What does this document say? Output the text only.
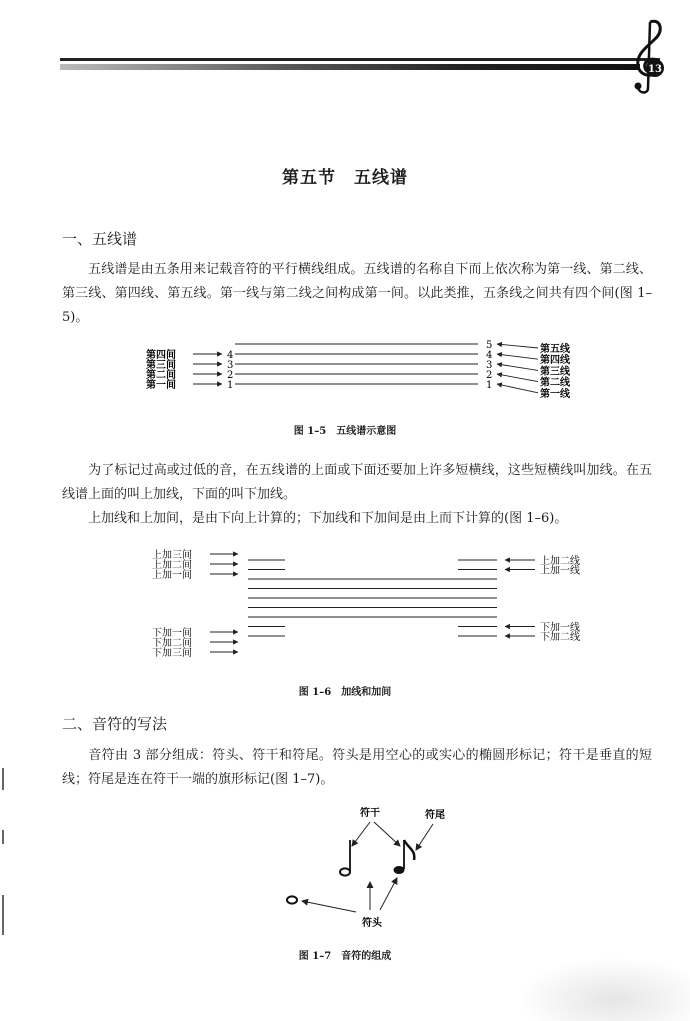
13
第五节　五线谱
一、五线谱
五线谱是由五条用来记载音符的平行横线组成。五线谱的名称自下而上依次称为第一线、第二线、第三线、第四线、第五线。第一线与第二线之间构成第一间。以此类推，五条线之间共有四个间(图 1–5)。
5	第五线
4	第四线
3
第三线
2
第二线
1
第一线
第四间	4
第三间	3
第二间	2
第一间	1
图 1–5　五线谱示意图
为了标记过高或过低的音，在五线谱的上面或下面还要加上许多短横线，这些短横线叫加线。在五线谱上面的叫上加线，下面的叫下加线。
上加线和上加间，是由下向上计算的；下加线和下加间是由上而下计算的(图 1–6)。
上加三间
上加二间
上加一间
上加二线
上加一线
下加一间
下加二间
下加三间
下加一线
下加二线
图 1–6　加线和加间
二、音符的写法
音符由 3 部分组成：符头、符干和符尾。符头是用空心的或实心的椭圆形标记；符干是垂直的短线；符尾是连在符干一端的旗形标记(图 1–7)。
符干	符尾
符头
图 1–7　音符的组成
